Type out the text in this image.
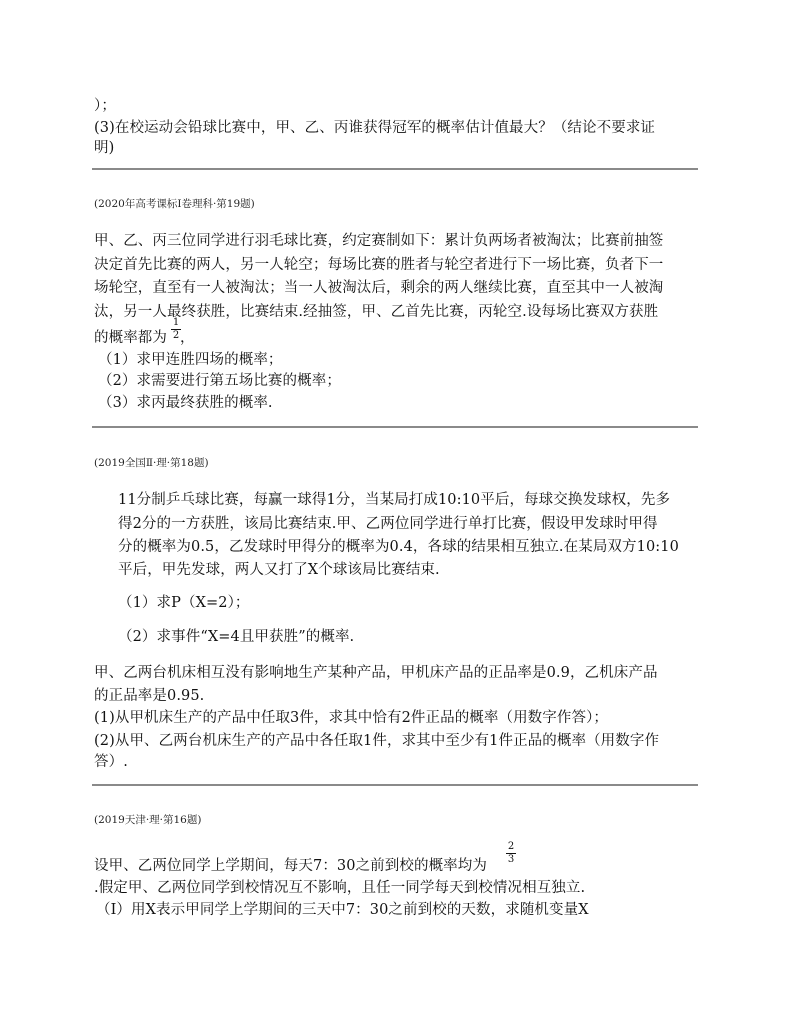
）；
(3)在校运动会铅球比赛中，甲、乙、丙谁获得冠军的概率估计值最大？（结论不要求证
明)
(2020年高考课标Ⅰ卷理科·第19题)
甲、乙、丙三位同学进行羽毛球比赛，约定赛制如下：累计负两场者被淘汰；比赛前抽签
决定首先比赛的两人，另一人轮空；每场比赛的胜者与轮空者进行下一场比赛，负者下一
场轮空，直至有一人被淘汰；当一人被淘汰后，剩余的两人继续比赛，直至其中一人被淘
汰，另一人最终获胜，比赛结束.经抽签，甲、乙首先比赛，丙轮空.设每场比赛双方获胜
的概率都为 ，
1
2
（1）求甲连胜四场的概率；
（2）求需要进行第五场比赛的概率；
（3）求丙最终获胜的概率.
(2019全国Ⅱ·理·第18题)
11分制乒乓球比赛，每赢一球得1分，当某局打成10:10平后，每球交换发球权，先多
得2分的一方获胜，该局比赛结束.甲、乙两位同学进行单打比赛，假设甲发球时甲得
分的概率为0.5，乙发球时甲得分的概率为0.4，各球的结果相互独立.在某局双方10:10
平后，甲先发球，两人又打了X个球该局比赛结束.
（1）求P（X=2）；
（2）求事件“X=4且甲获胜”的概率.
甲、乙两台机床相互没有影响地生产某种产品，甲机床产品的正品率是0.9，乙机床产品
的正品率是0.95.
(1)从甲机床生产的产品中任取3件，求其中恰有2件正品的概率（用数字作答）；
(2)从甲、乙两台机床生产的产品中各任取1件，求其中至少有1件正品的概率（用数字作
答）.
(2019天津·理·第16题)
设甲、乙两位同学上学期间，每天7：30之前到校的概率均为
2
3
.假定甲、乙两位同学到校情况互不影响，且任一同学每天到校情况相互独立.
（Ⅰ）用X表示甲同学上学期间的三天中7：30之前到校的天数，求随机变量X
